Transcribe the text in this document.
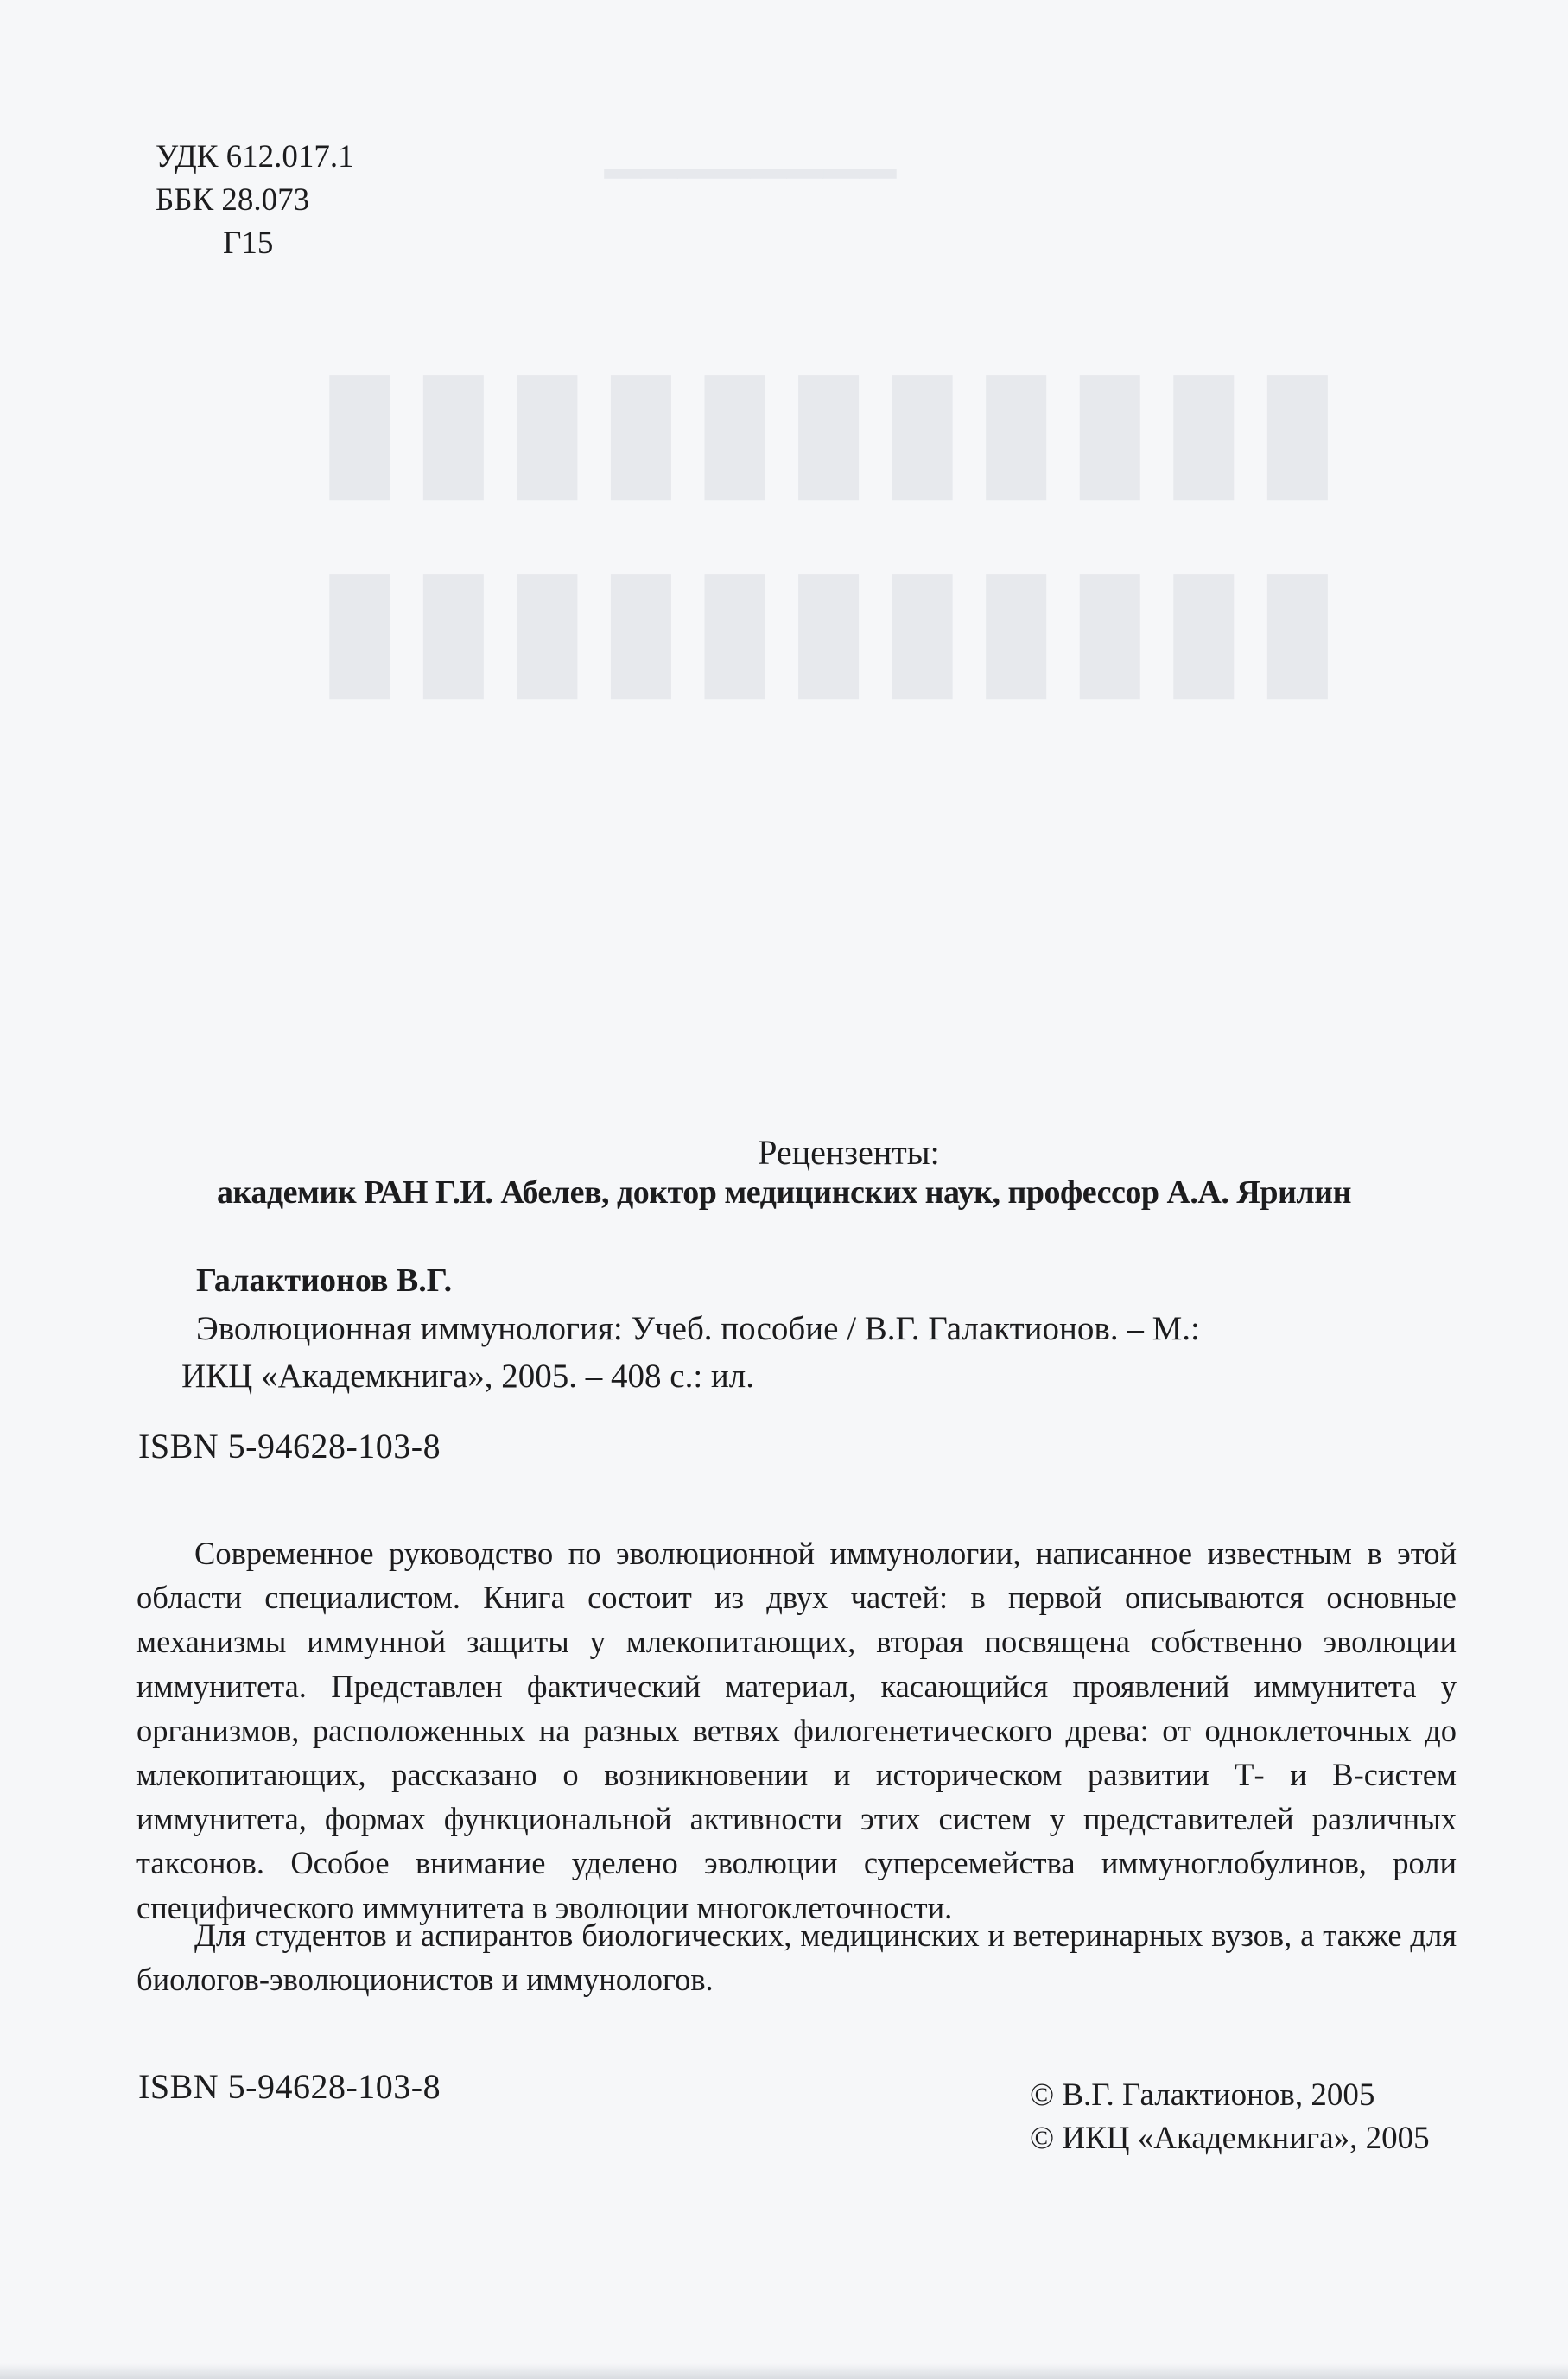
━━━━━━━━
▮▮▮▮▮▮▮▮▮▮▮
▮▮▮▮▮▮▮▮▮▮▮
УДК 612.017.1
ББК 28.073
Г15
Рецензенты:
академик РАН Г.И. Абелев, доктор медицинских наук, профессор А.А. Ярилин
Галактионов В.Г.
Эволюционная иммунология: Учеб. пособие / В.Г. Галактионов. – М.:
ИКЦ «Академкнига», 2005. – 408 с.: ил.
ISBN 5-94628-103-8
Современное руководство по эволюционной иммунологии, написанное известным в этой области специалистом. Книга состоит из двух частей: в первой описываются основные механизмы иммунной защиты у млекопитающих, вторая посвящена собственно эволюции иммунитета. Представлен фактический материал, касающийся проявлений иммунитета у организмов, расположенных на разных ветвях филогенетического древа: от одноклеточных до млекопитающих, рассказано о возникновении и историческом развитии Т- и В-систем иммунитета, формах функциональной активности этих систем у представителей различных таксонов. Особое внимание уделено эволюции суперсемейства иммуноглобулинов, роли специфического иммунитета в эволюции многоклеточности.
Для студентов и аспирантов биологических, медицинских и ветеринарных вузов, а также для биологов-эволюционистов и иммунологов.
ISBN 5-94628-103-8	© В.Г. Галактионов, 2005
© ИКЦ «Академкнига», 2005
